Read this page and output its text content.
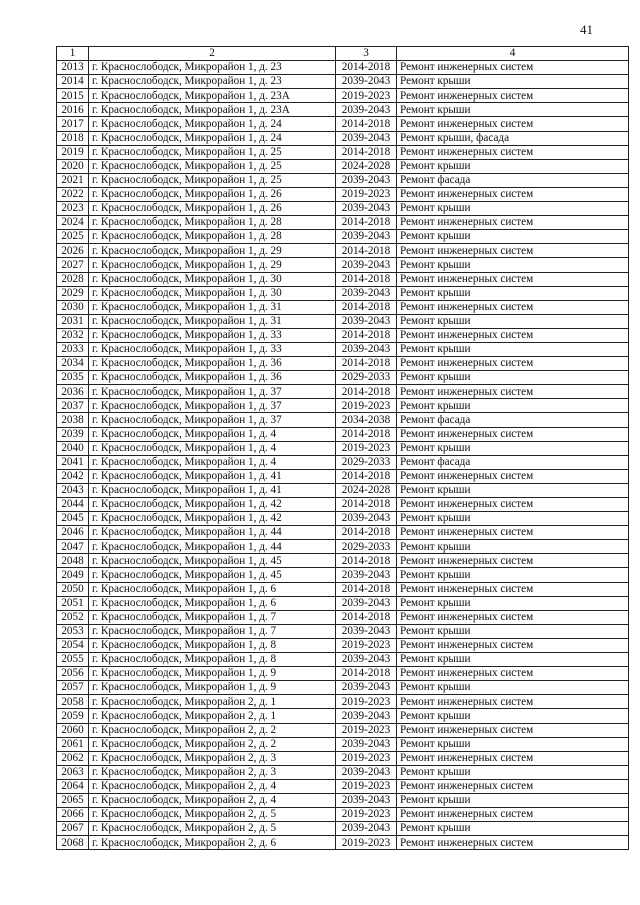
41
1	2	3	4
2013	г. Краснослободск, Микрорайон 1, д. 23	2014-2018	Ремонт инженерных систем
2014	г. Краснослободск, Микрорайон 1, д. 23	2039-2043	Ремонт крыши
2015	г. Краснослободск, Микрорайон 1, д. 23А	2019-2023	Ремонт инженерных систем
2016	г. Краснослободск, Микрорайон 1, д. 23А	2039-2043	Ремонт крыши
2017	г. Краснослободск, Микрорайон 1, д. 24	2014-2018	Ремонт инженерных систем
2018	г. Краснослободск, Микрорайон 1, д. 24	2039-2043	Ремонт крыши, фасада
2019	г. Краснослободск, Микрорайон 1, д. 25	2014-2018	Ремонт инженерных систем
2020	г. Краснослободск, Микрорайон 1, д. 25	2024-2028	Ремонт крыши
2021	г. Краснослободск, Микрорайон 1, д. 25	2039-2043	Ремонт фасада
2022	г. Краснослободск, Микрорайон 1, д. 26	2019-2023	Ремонт инженерных систем
2023	г. Краснослободск, Микрорайон 1, д. 26	2039-2043	Ремонт крыши
2024	г. Краснослободск, Микрорайон 1, д. 28	2014-2018	Ремонт инженерных систем
2025	г. Краснослободск, Микрорайон 1, д. 28	2039-2043	Ремонт крыши
2026	г. Краснослободск, Микрорайон 1, д. 29	2014-2018	Ремонт инженерных систем
2027	г. Краснослободск, Микрорайон 1, д. 29	2039-2043	Ремонт крыши
2028	г. Краснослободск, Микрорайон 1, д. 30	2014-2018	Ремонт инженерных систем
2029	г. Краснослободск, Микрорайон 1, д. 30	2039-2043	Ремонт крыши
2030	г. Краснослободск, Микрорайон 1, д. 31	2014-2018	Ремонт инженерных систем
2031	г. Краснослободск, Микрорайон 1, д. 31	2039-2043	Ремонт крыши
2032	г. Краснослободск, Микрорайон 1, д. 33	2014-2018	Ремонт инженерных систем
2033	г. Краснослободск, Микрорайон 1, д. 33	2039-2043	Ремонт крыши
2034	г. Краснослободск, Микрорайон 1, д. 36	2014-2018	Ремонт инженерных систем
2035	г. Краснослободск, Микрорайон 1, д. 36	2029-2033	Ремонт крыши
2036	г. Краснослободск, Микрорайон 1, д. 37	2014-2018	Ремонт инженерных систем
2037	г. Краснослободск, Микрорайон 1, д. 37	2019-2023	Ремонт крыши
2038	г. Краснослободск, Микрорайон 1, д. 37	2034-2038	Ремонт фасада
2039	г. Краснослободск, Микрорайон 1, д. 4	2014-2018	Ремонт инженерных систем
2040	г. Краснослободск, Микрорайон 1, д. 4	2019-2023	Ремонт крыши
2041	г. Краснослободск, Микрорайон 1, д. 4	2029-2033	Ремонт фасада
2042	г. Краснослободск, Микрорайон 1, д. 41	2014-2018	Ремонт инженерных систем
2043	г. Краснослободск, Микрорайон 1, д. 41	2024-2028	Ремонт крыши
2044	г. Краснослободск, Микрорайон 1, д. 42	2014-2018	Ремонт инженерных систем
2045	г. Краснослободск, Микрорайон 1, д. 42	2039-2043	Ремонт крыши
2046	г. Краснослободск, Микрорайон 1, д. 44	2014-2018	Ремонт инженерных систем
2047	г. Краснослободск, Микрорайон 1, д. 44	2029-2033	Ремонт крыши
2048	г. Краснослободск, Микрорайон 1, д. 45	2014-2018	Ремонт инженерных систем
2049	г. Краснослободск, Микрорайон 1, д. 45	2039-2043	Ремонт крыши
2050	г. Краснослободск, Микрорайон 1, д. 6	2014-2018	Ремонт инженерных систем
2051	г. Краснослободск, Микрорайон 1, д. 6	2039-2043	Ремонт крыши
2052	г. Краснослободск, Микрорайон 1, д. 7	2014-2018	Ремонт инженерных систем
2053	г. Краснослободск, Микрорайон 1, д. 7	2039-2043	Ремонт крыши
2054	г. Краснослободск, Микрорайон 1, д. 8	2019-2023	Ремонт инженерных систем
2055	г. Краснослободск, Микрорайон 1, д. 8	2039-2043	Ремонт крыши
2056	г. Краснослободск, Микрорайон 1, д. 9	2014-2018	Ремонт инженерных систем
2057	г. Краснослободск, Микрорайон 1, д. 9	2039-2043	Ремонт крыши
2058	г. Краснослободск, Микрорайон 2, д. 1	2019-2023	Ремонт инженерных систем
2059	г. Краснослободск, Микрорайон 2, д. 1	2039-2043	Ремонт крыши
2060	г. Краснослободск, Микрорайон 2, д. 2	2019-2023	Ремонт инженерных систем
2061	г. Краснослободск, Микрорайон 2, д. 2	2039-2043	Ремонт крыши
2062	г. Краснослободск, Микрорайон 2, д. 3	2019-2023	Ремонт инженерных систем
2063	г. Краснослободск, Микрорайон 2, д. 3	2039-2043	Ремонт крыши
2064	г. Краснослободск, Микрорайон 2, д. 4	2019-2023	Ремонт инженерных систем
2065	г. Краснослободск, Микрорайон 2, д. 4	2039-2043	Ремонт крыши
2066	г. Краснослободск, Микрорайон 2, д. 5	2019-2023	Ремонт инженерных систем
2067	г. Краснослободск, Микрорайон 2, д. 5	2039-2043	Ремонт крыши
2068	г. Краснослободск, Микрорайон 2, д. 6	2019-2023	Ремонт инженерных систем
